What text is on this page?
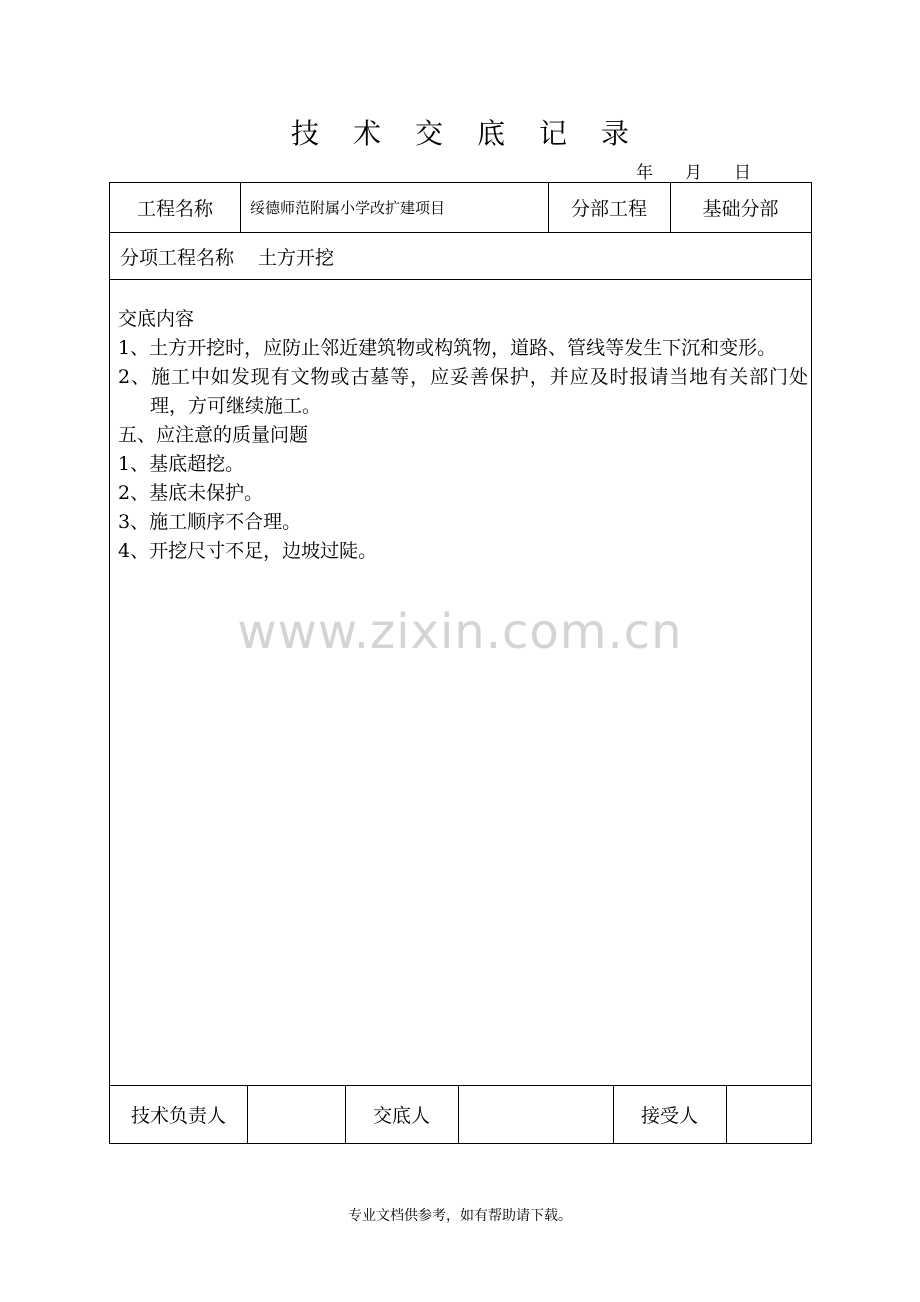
技术交底记录
年 月 日
工程名称	绥德师范附属小学改扩建项目	分部工程	基础分部
分项工程名称 土方开挖

交底内容

1、土方开挖时，应防止邻近建筑物或构筑物，道路、管线等发生下沉和变形。

2、施工中如发现有文物或古墓等，应妥善保护，并应及时报请当地有关部门处理，方可继续施工。

五、应注意的质量问题

1、基底超挖。

2、基底未保护。

3、施工顺序不合理。

4、开挖尺寸不足，边坡过陡。

技术负责人	交底人	接受人
www.zixin.com.cn
专业文档供参考，如有帮助请下载。
